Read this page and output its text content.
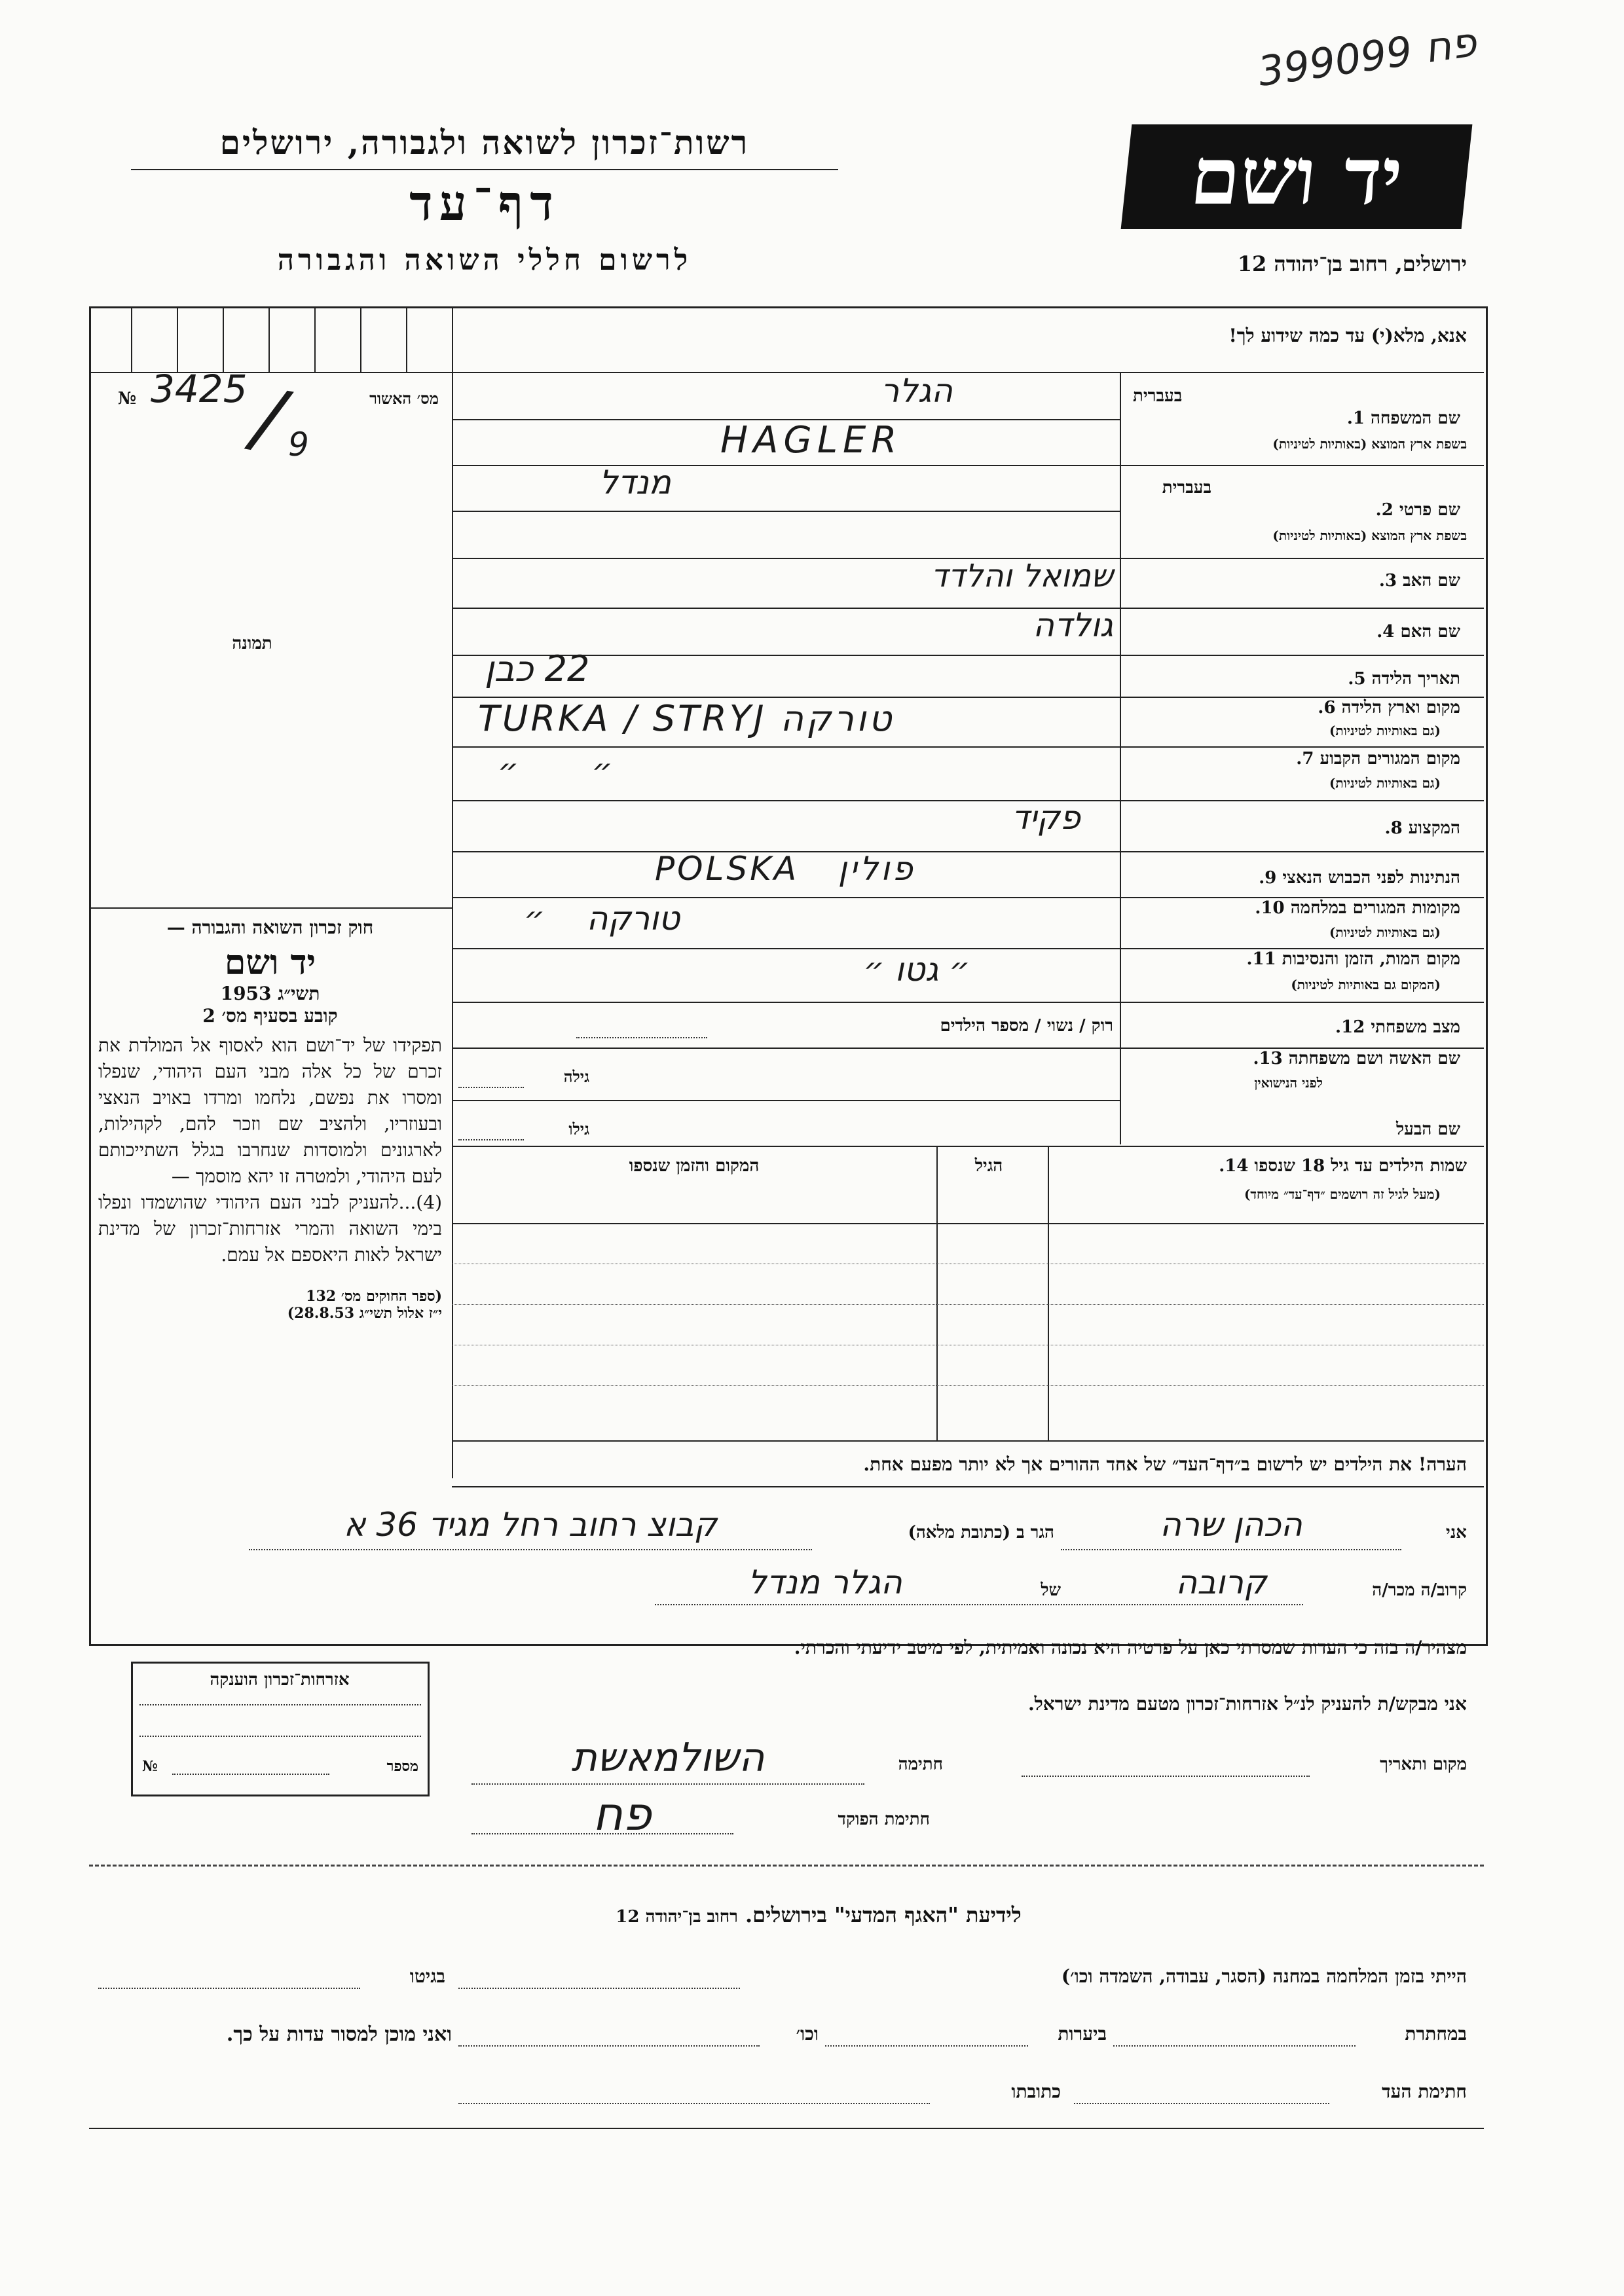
399099 פח
רשות־זכרון לשואה ולגבורה, ירושלים
דף־עד
לרשום חללי השואה והגבורה
יד ושם
ירושלים, רחוב בן־יהודה 12
אנא, מלא(י) עד כמה שידוע לך!
מס׳ האשור
№ 3425
9
/
תמונה
בעברית
שם המשפחה 1.
בשפת ארץ המוצא (באותיות לטיניות)
הגלר
HAGLER
בעברית
שם פרטי 2.
בשפת ארץ המוצא (באותיות לטיניות)
מנדל
שם האב 3.
שמואל והלדד
שם האם 4.
גולדה
תאריך הלידה 5.
22 כבן
מקום וארץ הלידה 6.
(גם באותיות לטיניות)
TURKA / STRYJ טורקה
מקום המגורים הקבוע 7.
(גם באותיות לטיניות)
״       ״
המקצוע 8.
פקיד
הנתינות לפני הכבוש הנאצי 9.
POLSKA   פולין
מקומות המגורים במלחמה 10.
(גם באותיות לטיניות)
טורקה    ״
מקום המות, הזמן והנסיבות 11.
(המקום גם באותיות לטיניות)
״ גטו ״
מצב משפחתי 12.
רוק / נשוי / מספר הילדים
שם האשה ושם משפחתה 13.
לפני הנישואין
גילה
שם הבעל
גילו
שמות הילדים עד גיל 18 שנספו 14.
(מעל לגיל זה רושמים ״דף־עד״ מיוחד)
הגיל
המקום והזמן שנספו
הערה! את הילדים יש לרשום ב״דף־העד״ של אחד ההורים אך לא יותר מפעם אחת.

חוק זכרון השואה והגבורה —

יד ושם

תשי״ג 1953

קובע בסעיף מס׳ 2

תפקידו של יד־ושם הוא לאסוף אל המולדת את זכרם של כל אלה מבני העם היהודי, שנפלו ומסרו את נפשם, נלחמו ומרדו באויב הנאצי ובעוזריו, ולהציב שם וזכר להם, לקהילות, לארגונים ולמוסדות שנחרבו בגלל השתייכותם לעם היהודי, ולמטרה זו יהא מוסמך —

(4)...להעניק לבני העם היהודי שהושמדו ונפלו בימי השואה והמרי אזרחות־זכרון של מדינת ישראל לאות היאספם אל עמם.

(ספר החוקים מס׳ 132

י״ז אלול תשי״ג 28.8.53)

אני
הכהן שרה
הגר ב (כתובת מלאה)
קבוצ רחוב רחל מגיד 36 א
קרוב/ה מכר/ה
קרובה
של
הגלר מנדל
מצהיר/ה בזה כי העדות שמסרתי כאן על פרטיה היא נכונה ואמיתית, לפי מיטב ידיעתי והכרתי.
אני מבקש/ת להעניק לנ״ל אזרחות־זכרון מטעם מדינת ישראל.
מקום ותאריך
חתימה
השולמאשת
חתימת הפוקד
פח
אזרחות־זכרון הוענקה
מספר
№
לידיעת "האגף המדעי" בירושלים. רחוב בן־יהודה 12
הייתי בזמן המלחמה במחנה (הסגר, עבודה, השמדה וכו׳)
בגיטו
במחתרת
ביערות
וכו׳
ואני מוכן למסור עדות על כך.
חתימת העד
כתובתו
